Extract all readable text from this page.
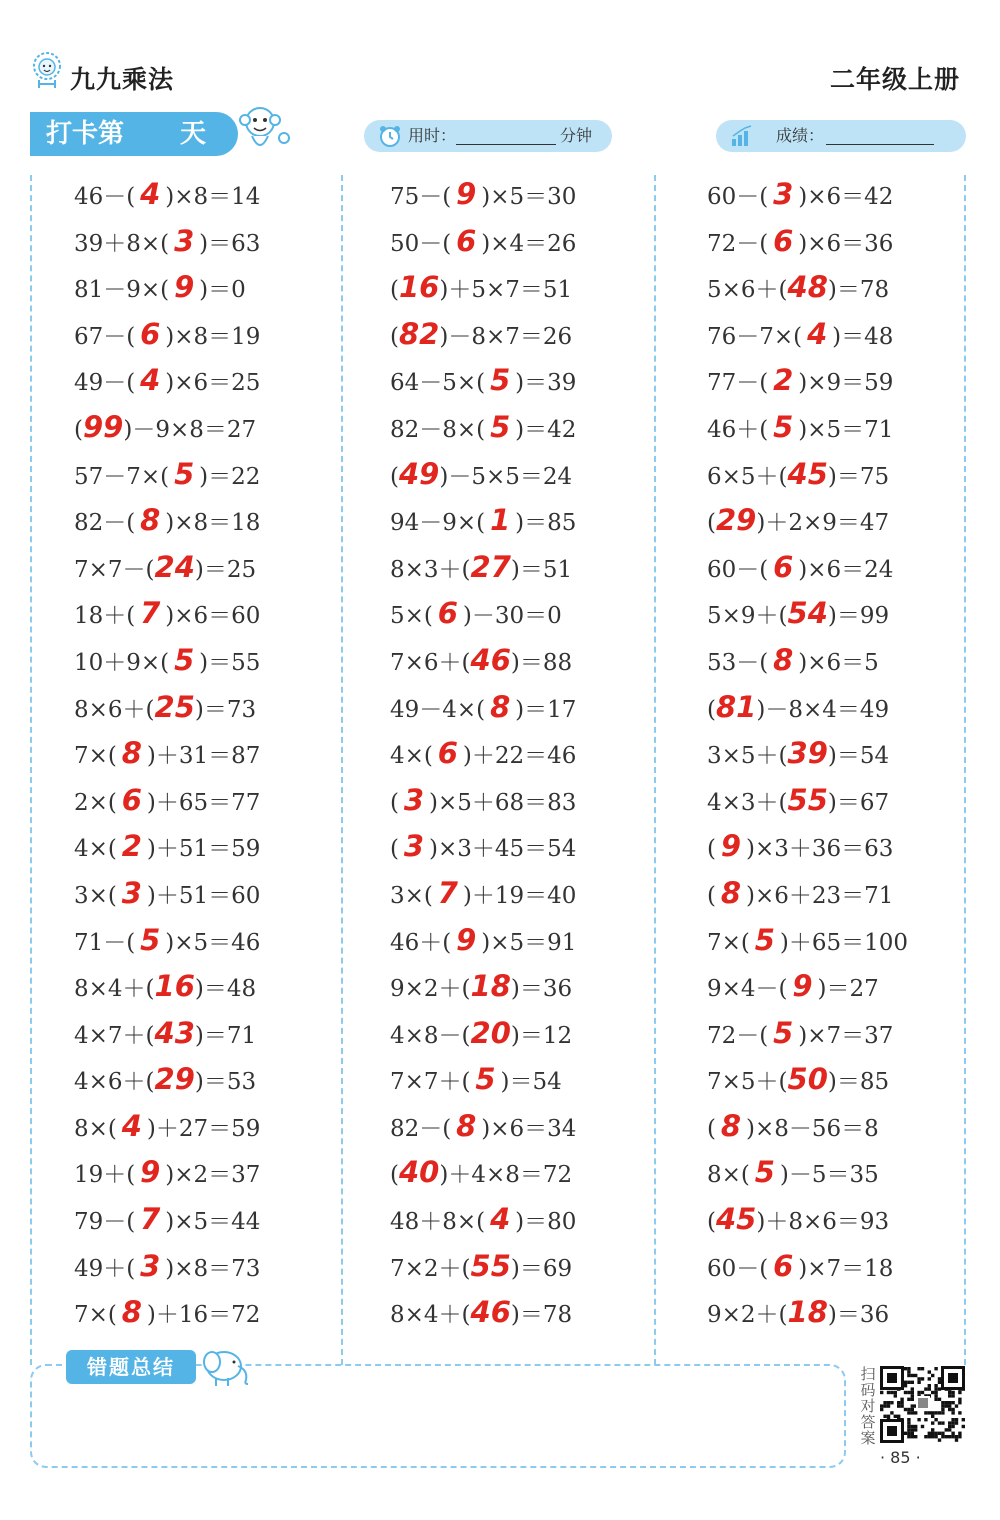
九九乘法	二年级上册
打卡第 天	用时：	分钟	成绩：
46－( 4 )×8＝14
39＋8×( 3 )＝63
81－9×( 9 )＝0
67－( 6 )×8＝19
49－( 4 )×6＝25
(99)－9×8＝27
57－7×( 5 )＝22
82－( 8 )×8＝18
7×7－(24)＝25
18＋( 7 )×6＝60
10＋9×( 5 )＝55
8×6＋(25)＝73
7×( 8 )＋31＝87
2×( 6 )＋65＝77
4×( 2 )＋51＝59
3×( 3 )＋51＝60
71－( 5 )×5＝46
8×4＋(16)＝48
4×7＋(43)＝71
4×6＋(29)＝53
8×( 4 )＋27＝59
19＋( 9 )×2＝37
79－( 7 )×5＝44
49＋( 3 )×8＝73
7×( 8 )＋16＝72
75－( 9 )×5＝30
50－( 6 )×4＝26
(16)＋5×7＝51
(82)－8×7＝26
64－5×( 5 )＝39
82－8×( 5 )＝42
(49)－5×5＝24
94－9×( 1 )＝85
8×3＋(27)＝51
5×( 6 )－30＝0
7×6＋(46)＝88
49－4×( 8 )＝17
4×( 6 )＋22＝46
( 3 )×5＋68＝83
( 3 )×3＋45＝54
3×( 7 )＋19＝40
46＋( 9 )×5＝91
9×2＋(18)＝36
4×8－(20)＝12
7×7＋( 5 )＝54
82－( 8 )×6＝34
(40)＋4×8＝72
48＋8×( 4 )＝80
7×2＋(55)＝69
8×4＋(46)＝78
60－( 3 )×6＝42
72－( 6 )×6＝36
5×6＋(48)＝78
76－7×( 4 )＝48
77－( 2 )×9＝59
46＋( 5 )×5＝71
6×5＋(45)＝75
(29)＋2×9＝47
60－( 6 )×6＝24
5×9＋(54)＝99
53－( 8 )×6＝5
(81)－8×4＝49
3×5＋(39)＝54
4×3＋(55)＝67
( 9 )×3＋36＝63
( 8 )×6＋23＝71
7×( 5 )＋65＝100
9×4－( 9 )＝27
72－( 5 )×7＝37
7×5＋(50)＝85
( 8 )×8－56＝8
8×( 5 )－5＝35
(45)＋8×6＝93
60－( 6 )×7＝18
9×2＋(18)＝36
错题总结	扫码对答案
· 85 ·
